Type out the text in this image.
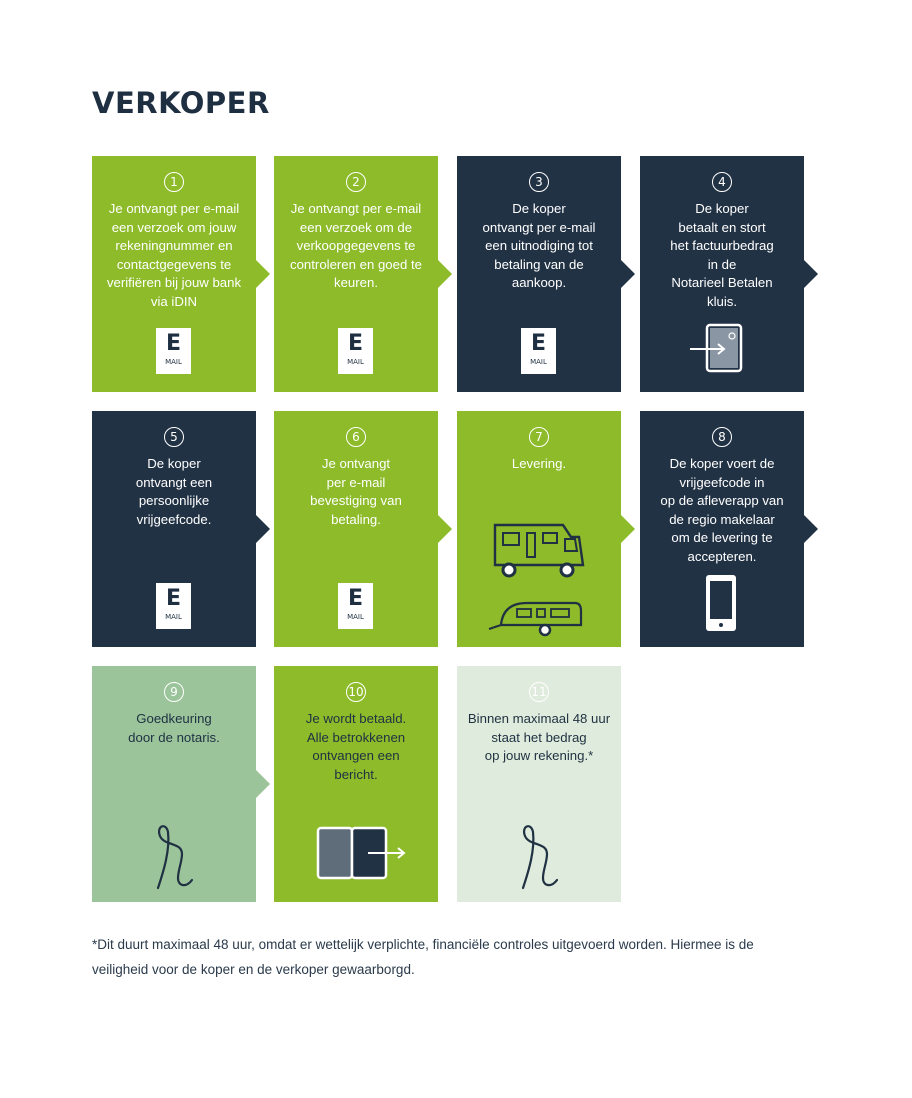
VERKOPER
1
Je ontvangt per e-mail
een verzoek om jouw
rekeningnummer en
contactgegevens te
verifiëren bij jouw bank
via iDIN
E
MAIL
2
Je ontvangt per e-mail
een verzoek om de
verkoopgegevens te
controleren en goed te
keuren.
E
MAIL
3
De koper
ontvangt per e-mail
een uitnodiging tot
betaling van de
aankoop.
E
MAIL
4
De koper
betaalt en stort
het factuurbedrag
in de
Notarieel Betalen
kluis.
5
De koper
ontvangt een
persoonlijke
vrijgeefcode.
E
MAIL
6
Je ontvangt
per e-mail
bevestiging van
betaling.
E
MAIL
7
Levering.
8
De koper voert de
vrijgeefcode in
op de afleverapp van
de regio makelaar
om de levering te
accepteren.
9
Goedkeuring
door de notaris.
10
Je wordt betaald.
Alle betrokkenen
ontvangen een
bericht.
11
Binnen maximaal 48 uur
staat het bedrag
op jouw rekening.*
*Dit duurt maximaal 48 uur, omdat er wettelijk verplichte, financiële controles uitgevoerd worden. Hiermee is de veiligheid voor de koper en de verkoper gewaarborgd.
